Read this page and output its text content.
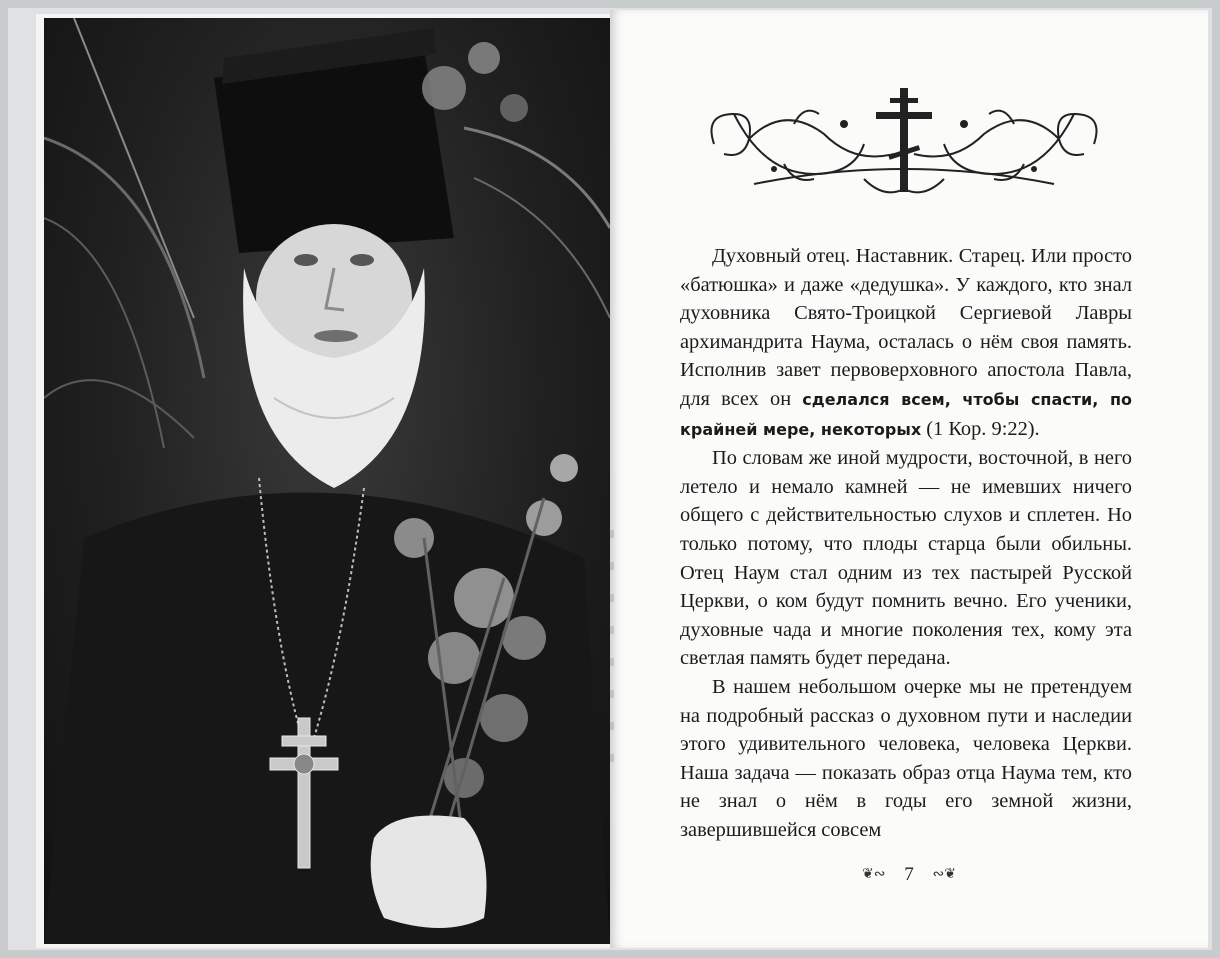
Духовный отец. Наставник. Старец. Или просто «батюшка» и даже «дедушка». У каждого, кто знал духовника Свято-Троицкой Сергиевой Лавры архимандрита Наума, осталась о нём своя память. Исполнив завет первоверховного апостола Павла, для всех он сделался всем, чтобы спасти, по крайней мере, некоторых (1 Кор. 9:22).

По словам же иной мудрости, восточной, в него летело и немало камней — не имевших ничего общего с действительностью слухов и сплетен. Но только потому, что плоды старца были обильны. Отец Наум стал одним из тех пастырей Русской Церкви, о ком будут помнить вечно. Его ученики, духовные чада и многие поколения тех, кому эта светлая память будет передана.

В нашем небольшом очерке мы не претендуем на подробный рассказ о духовном пути и наследии этого удивительного человека, человека Церкви. Наша задача — показать образ отца Наума тем, кто не знал о нём в годы его земной жизни, завершившейся совсем

❦∾ 7 ∾❦
